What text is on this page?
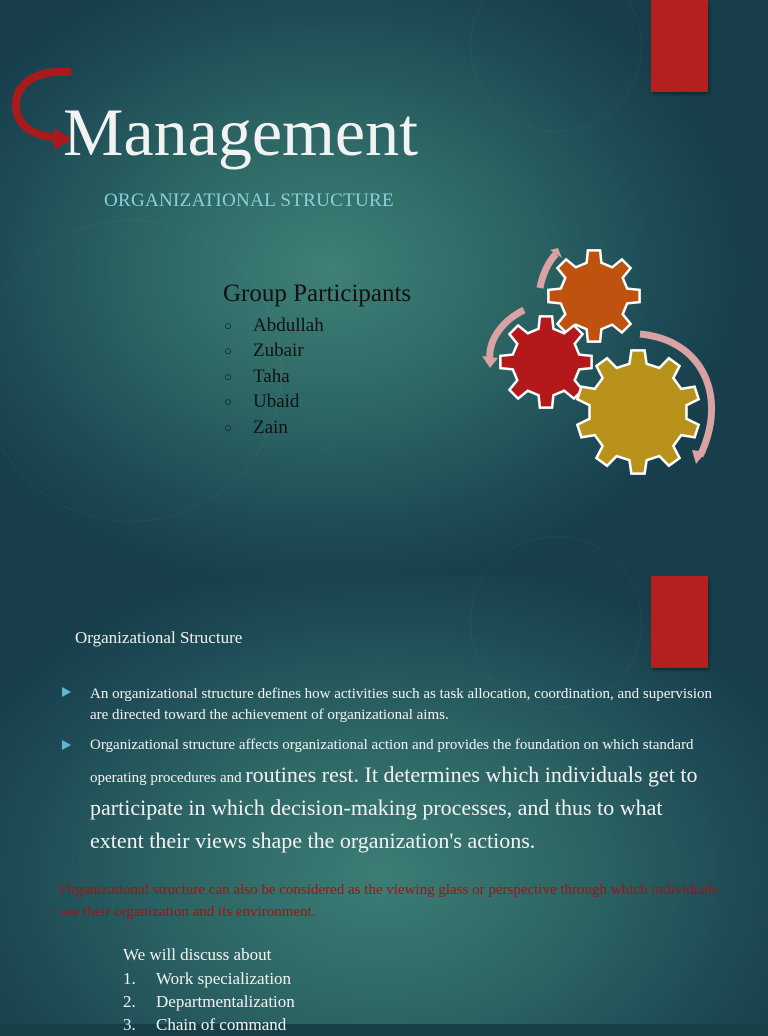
Management
ORGANIZATIONAL STRUCTURE
Group Participants
○	Abdullah
○	Zubair
○	Taha
○	Ubaid
○	Zain
Organizational Structure
An organizational structure defines how activities such as task allocation, coordination, and supervision are directed toward the achievement of organizational aims.
Organizational structure affects organizational action and provides the foundation on which standard operating procedures and routines rest. It determines which individuals get to participate in which decision-making processes, and thus to what extent their views shape the organization's actions.
Organizational structure can also be considered as the viewing glass or perspective through which individuals see their organization and its environment.
We will discuss about
1.	Work specialization
2.	Departmentalization
3.	Chain of command
